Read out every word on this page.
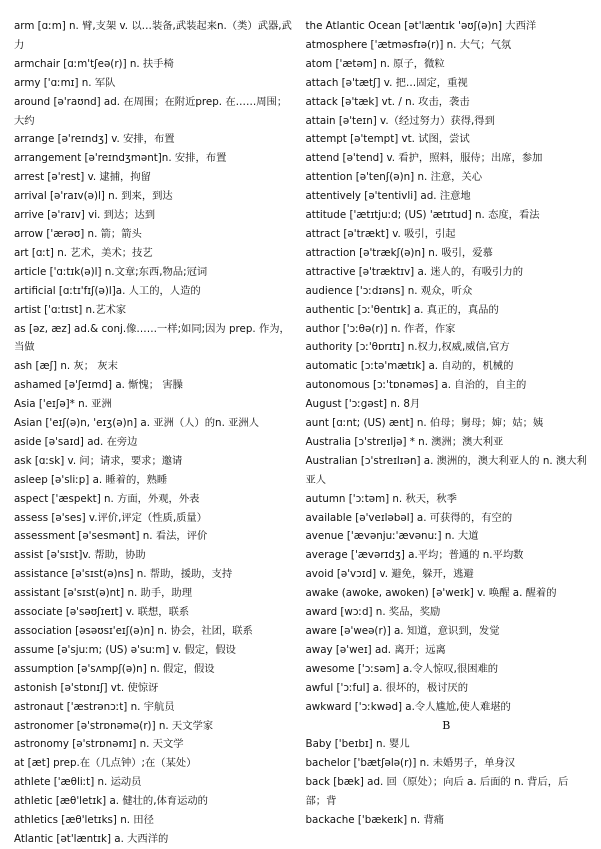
arm [ɑːm] n. 臂,支架 v. 以…装备,武装起来n.（类）武器,武力

armchair [ɑːm'tʃeə(r)] n. 扶手椅

army ['ɑːmɪ] n. 军队

around [ə'raʊnd] ad. 在周围；在附近prep. 在……周围；大约

arrange [ə'reɪndʒ] v. 安排，布置

arrangement [ə'reɪndʒmənt]n. 安排，布置

arrest [ə'rest] v. 逮捕，拘留

arrival [ə'raɪv(ə)l] n. 到来，到达

arrive [ə'raɪv] vi. 到达；达到

arrow ['ærəʊ] n. 箭；箭头

art [ɑːt] n. 艺术，美术；技艺

article ['ɑːtɪk(ə)l] n.文章;东西,物品;冠词

artificial [ɑːtɪ'fɪʃ(ə)l]a. 人工的，人造的

artist ['ɑːtɪst] n.艺术家

as [əz, æz] ad.& conj.像……一样;如同;因为 prep. 作为，当做

ash [æʃ] n. 灰； 灰末

ashamed [ə'ʃeɪmd] a. 惭愧； 害臊

Asia ['eɪʃə]* n. 亚洲

Asian ['eɪʃ(ə)n, 'eɪʒ(ə)n] a. 亚洲（人）的n. 亚洲人

aside [ə'saɪd] ad. 在旁边

ask [ɑːsk] v. 问；请求，要求；邀请

asleep [ə'sliːp] a. 睡着的，熟睡

aspect ['æspekt] n. 方面，外观，外表

assess [ə'ses] v.评价,评定（性质,质量）

assessment [ə'sesmənt] n. 看法，评价

assist [ə'sɪst]v. 帮助，协助

assistance [ə'sɪst(ə)ns] n. 帮助，援助，支持

assistant [ə'sɪst(ə)nt] n. 助手，助理

associate [ə'səʊʃɪeɪt] v. 联想，联系

association [əsəʊsɪ'eɪʃ(ə)n] n. 协会，社团，联系

assume [ə'sjuːm; (US) ə'suːm] v. 假定，假设

assumption [ə'sʌmpʃ(ə)n] n. 假定，假设

astonish [ə'stɒnɪʃ] vt. 使惊讶

astronaut ['æstrənɔːt] n. 宇航员

astronomer [ə'strɒnəmə(r)] n. 天文学家

astronomy [ə'strɒnəmɪ] n. 天文学

at [æt] prep.在（几点钟）;在（某处）

athlete ['æθliːt] n. 运动员

athletic [æθ'letɪk] a. 健壮的,体育运动的

athletics [æθ'letɪks] n. 田径

Atlantic [ət'læntɪk] a. 大西洋的

the Atlantic Ocean [ət'læntɪk 'əʊʃ(ə)n] 大西洋

atmosphere ['ætməsfɪə(r)] n. 大气；气氛

atom ['ætəm] n. 原子，微粒

attach [ə'tætʃ] v. 把…固定，重视

attack [ə'tæk] vt. / n. 攻击，袭击

attain [ə'teɪn] v.（经过努力）获得,得到

attempt [ə'tempt] vt. 试图，尝试

attend [ə'tend] v. 看护，照料，服侍；出席，参加

attention [ə'tenʃ(ə)n] n. 注意，关心

attentively [ə'tentivli] ad. 注意地

attitude ['ætɪtjuːd; (US) 'ætɪtud] n. 态度，看法

attract [ə'trækt] v. 吸引，引起

attraction [ə'trækʃ(ə)n] n. 吸引，爱慕

attractive [ə'træktɪv] a. 迷人的，有吸引力的

audience ['ɔːdɪəns] n. 观众，听众

authentic [ɔː'θentɪk] a. 真正的，真品的

author ['ɔːθə(r)] n. 作者，作家

authority [ɔː'θɒrɪtɪ] n.权力,权威,威信,官方

automatic [ɔːtə'mætɪk] a. 自动的，机械的

autonomous [ɔː'tɒnəməs] a. 自治的，自主的

August ['ɔːgəst] n. 8月

aunt [ɑːnt; (US) ænt] n. 伯母；舅母；婶；姑；姨

Australia [ɔ'streɪljə] * n. 澳洲；澳大利亚

Australian [ɔ'streɪlɪən] a. 澳洲的，澳大利亚人的 n. 澳大利亚人

autumn ['ɔːtəm] n. 秋天，秋季

available [ə'veɪləbəl] a. 可获得的，有空的

avenue ['ævənjuː'ævənuː] n. 大道

average ['ævərɪdʒ] a.平均；普通的 n.平均数

avoid [ə'vɔɪd] v. 避免，躲开，逃避

awake (awoke, awoken) [ə'weɪk] v. 唤醒 a. 醒着的

award [wɔːd] n. 奖品，奖励

aware [ə'weə(r)] a. 知道，意识到，发觉

away [ə'weɪ] ad. 离开；远离

awesome ['ɔːsəm] a.令人惊叹,很困难的

awful ['ɔːful] a. 很坏的，极讨厌的

awkward ['ɔːkwəd] a.令人尴尬,使人难堪的

B

Baby ['beɪbɪ] n. 婴儿

bachelor ['bætʃələ(r)] n. 未婚男子，单身汉

back [bæk] ad. 回（原处）；向后 a. 后面的 n. 背后，后部；背

backache ['bækeɪk] n. 背痛
